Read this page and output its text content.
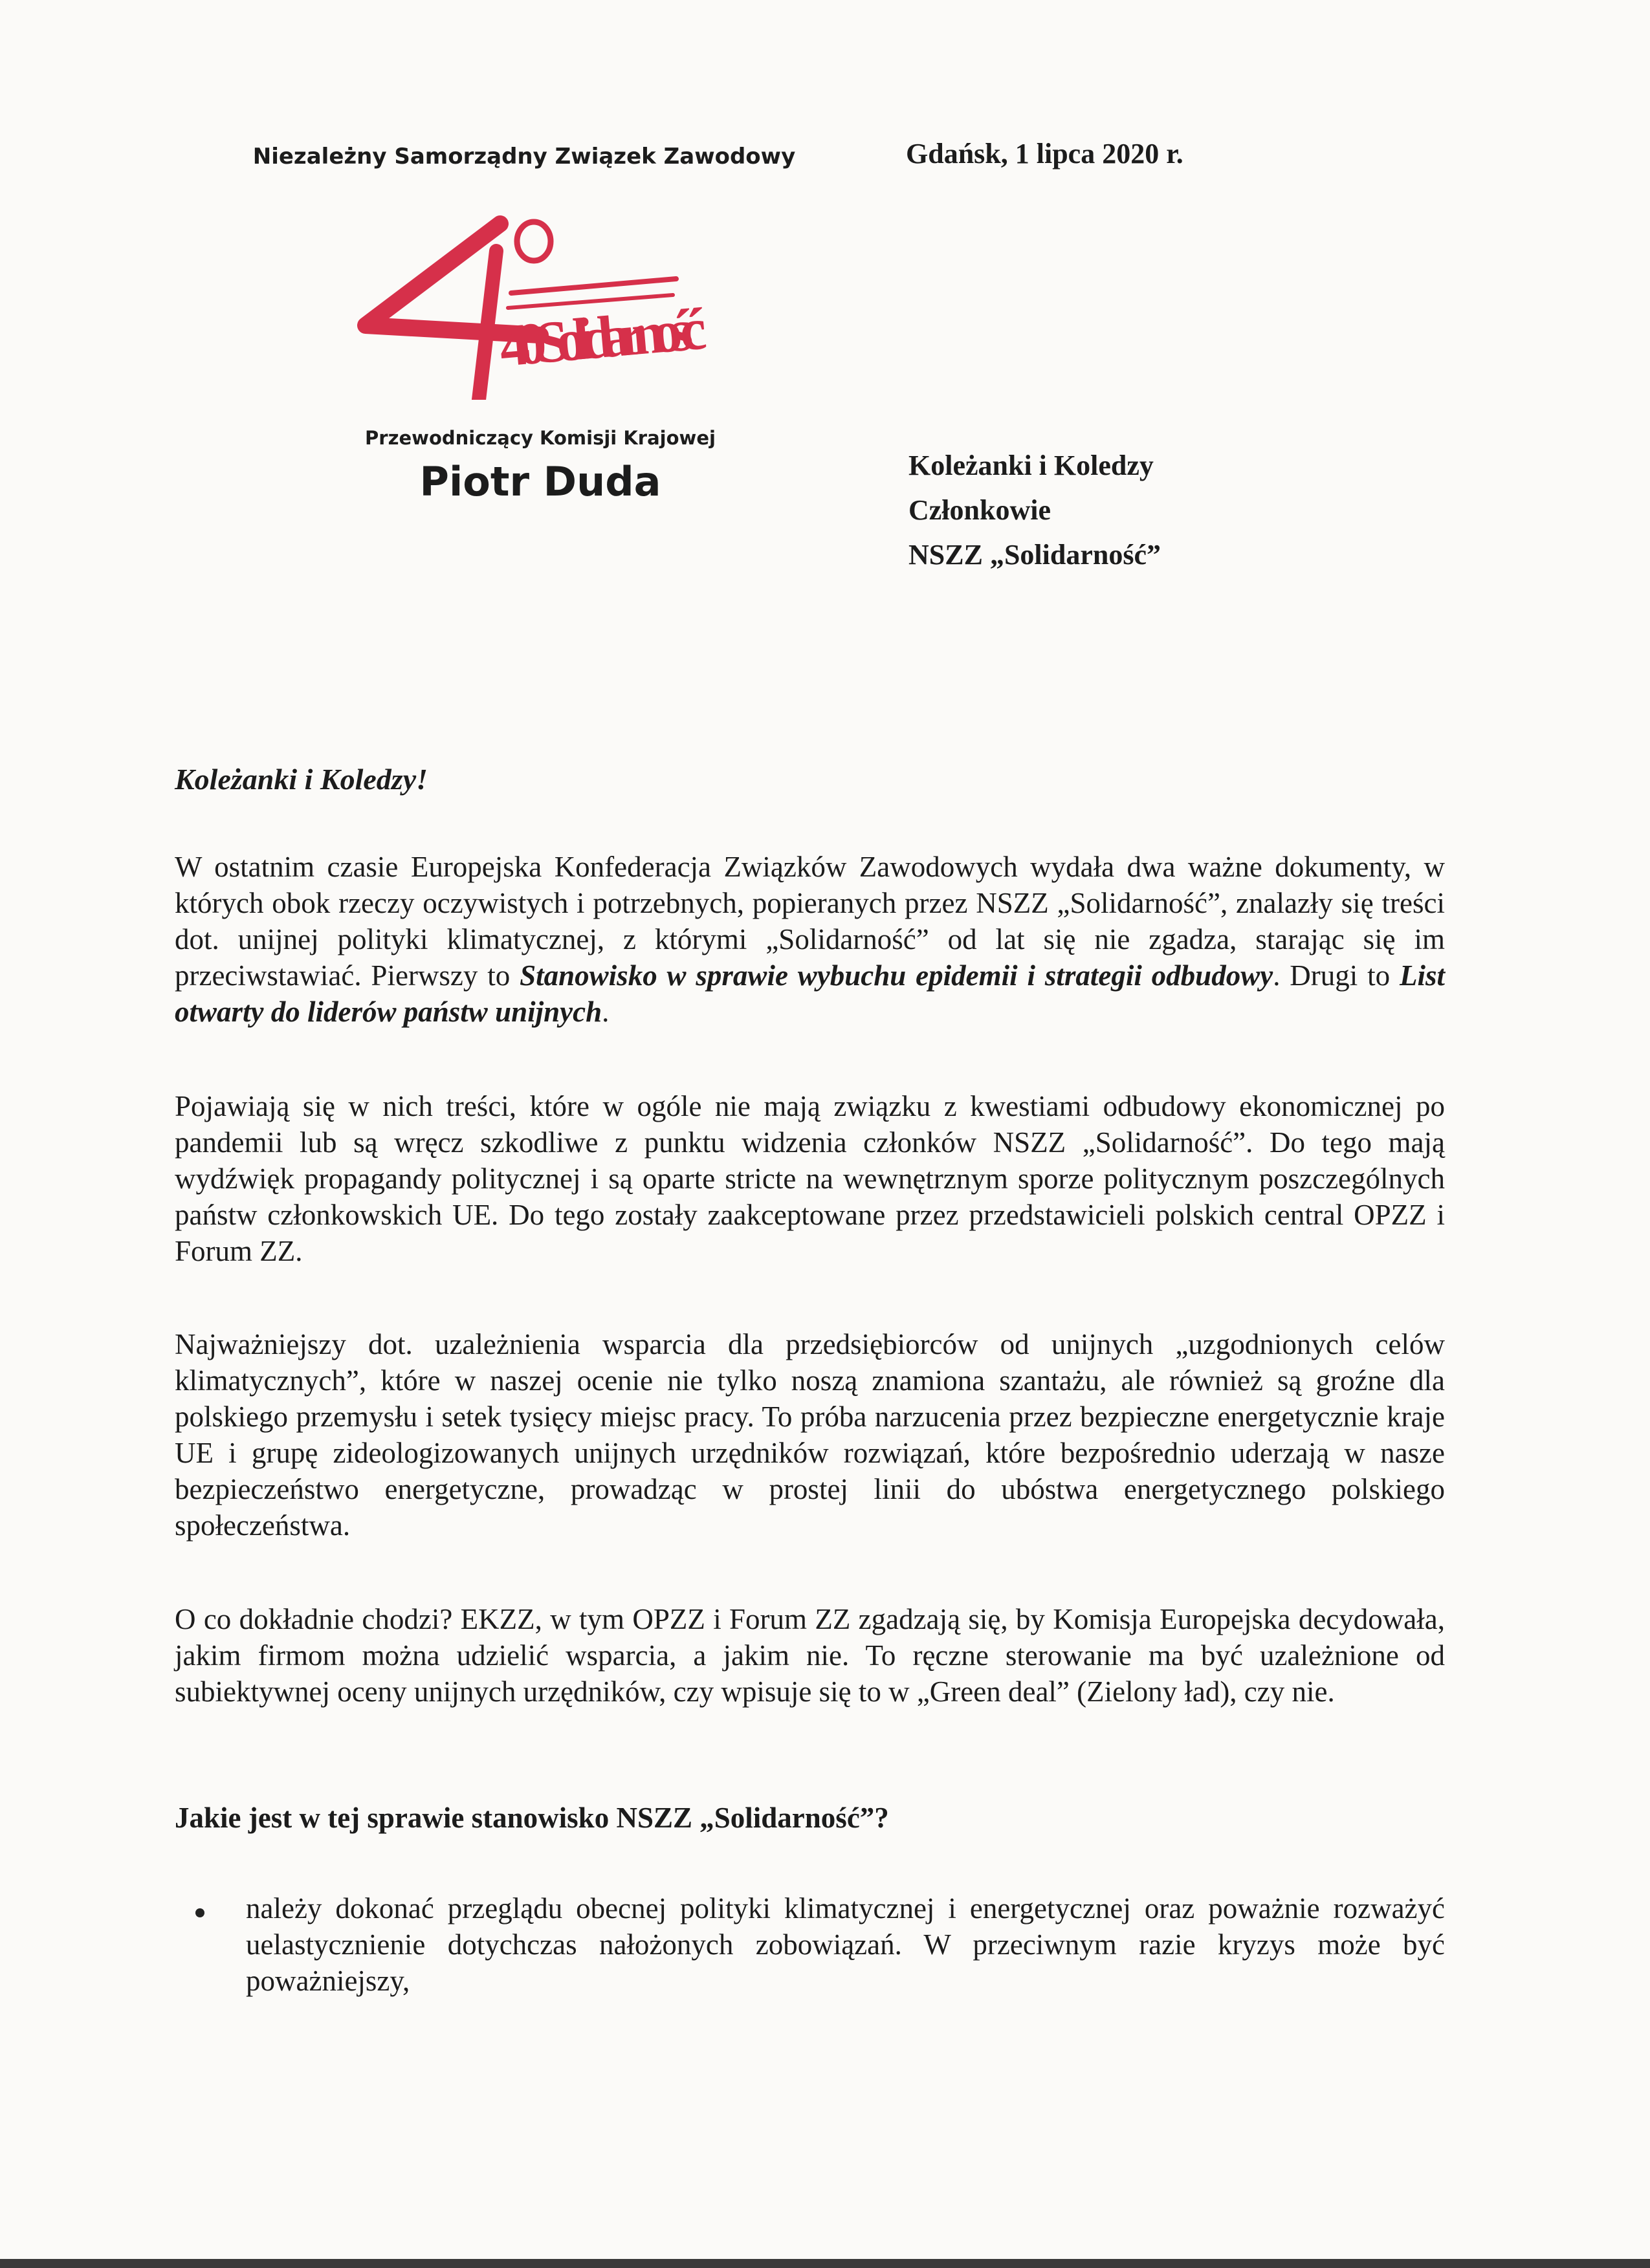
Niezależny Samorządny Związek Zawodowy
40 Solidarność
Przewodniczący Komisji Krajowej
Piotr Duda
Gdańsk, 1 lipca 2020 r.
Koleżanki i Koledzy
Członkowie
NSZZ „Solidarność”
Koleżanki i Koledzy!
W ostatnim czasie Europejska Konfederacja Związków Zawodowych wydała dwa ważne dokumenty, w których obok rzeczy oczywistych i potrzebnych, popieranych przez NSZZ „Solidarność”, znalazły się treści dot. unijnej polityki klimatycznej, z którymi „Solidarność” od lat się nie zgadza, starając się im przeciwstawiać. Pierwszy to Stanowisko w sprawie wybuchu epidemii i strategii odbudowy. Drugi to List otwarty do liderów państw unijnych.
Pojawiają się w nich treści, które w ogóle nie mają związku z kwestiami odbudowy ekonomicznej po pandemii lub są wręcz szkodliwe z punktu widzenia członków NSZZ „Solidarność”. Do tego mają wydźwięk propagandy politycznej i są oparte stricte na wewnętrznym sporze politycznym poszczególnych państw członkowskich UE. Do tego zostały zaakceptowane przez przedstawicieli polskich central OPZZ i Forum ZZ.
Najważniejszy dot. uzależnienia wsparcia dla przedsiębiorców od unijnych „uzgodnionych celów klimatycznych”, które w naszej ocenie nie tylko noszą znamiona szantażu, ale również są groźne dla polskiego przemysłu i setek tysięcy miejsc pracy. To próba narzucenia przez bezpieczne energetycznie kraje UE i grupę zideologizowanych unijnych urzędników rozwiązań, które bezpośrednio uderzają w nasze bezpieczeństwo energetyczne, prowadząc w prostej linii do ubóstwa energetycznego polskiego społeczeństwa.
O co dokładnie chodzi? EKZZ, w tym OPZZ i Forum ZZ zgadzają się, by Komisja Europejska decydowała, jakim firmom można udzielić wsparcia, a jakim nie. To ręczne sterowanie ma być uzależnione od subiektywnej oceny unijnych urzędników, czy wpisuje się to w „Green deal” (Zielony ład), czy nie.
Jakie jest w tej sprawie stanowisko NSZZ „Solidarność”?
należy dokonać przeglądu obecnej polityki klimatycznej i energetycznej oraz poważnie rozważyć uelastycznienie dotychczas nałożonych zobowiązań. W przeciwnym razie kryzys może być poważniejszy,
